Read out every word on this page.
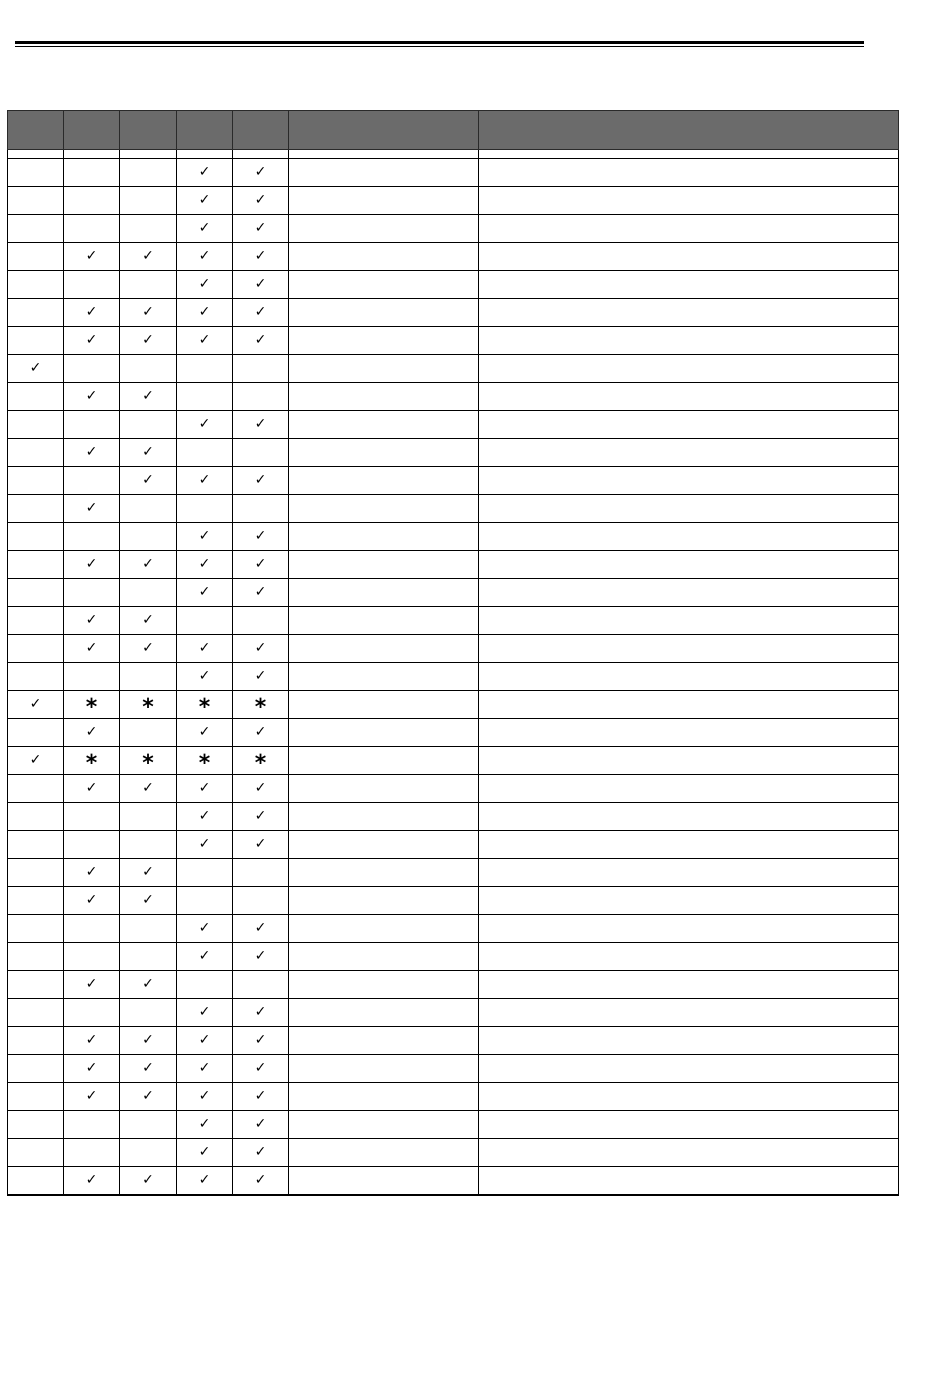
			✓	✓		
			✓	✓		
			✓	✓		
	✓	✓	✓	✓		
			✓	✓		
	✓	✓	✓	✓		
	✓	✓	✓	✓		
✓						
	✓	✓				
			✓	✓		
	✓	✓				
		✓	✓	✓		
	✓					
			✓	✓		
	✓	✓	✓	✓		
			✓	✓		
	✓	✓				
	✓	✓	✓	✓		
			✓	✓		
✓	*	*	*	*		
	✓		✓	✓		
✓	*	*	*	*		
	✓	✓	✓	✓		
			✓	✓		
			✓	✓		
	✓	✓				
	✓	✓				
			✓	✓		
			✓	✓		
	✓	✓				
			✓	✓		
	✓	✓	✓	✓		
	✓	✓	✓	✓		
	✓	✓	✓	✓		
			✓	✓		
			✓	✓		
	✓	✓	✓	✓		
